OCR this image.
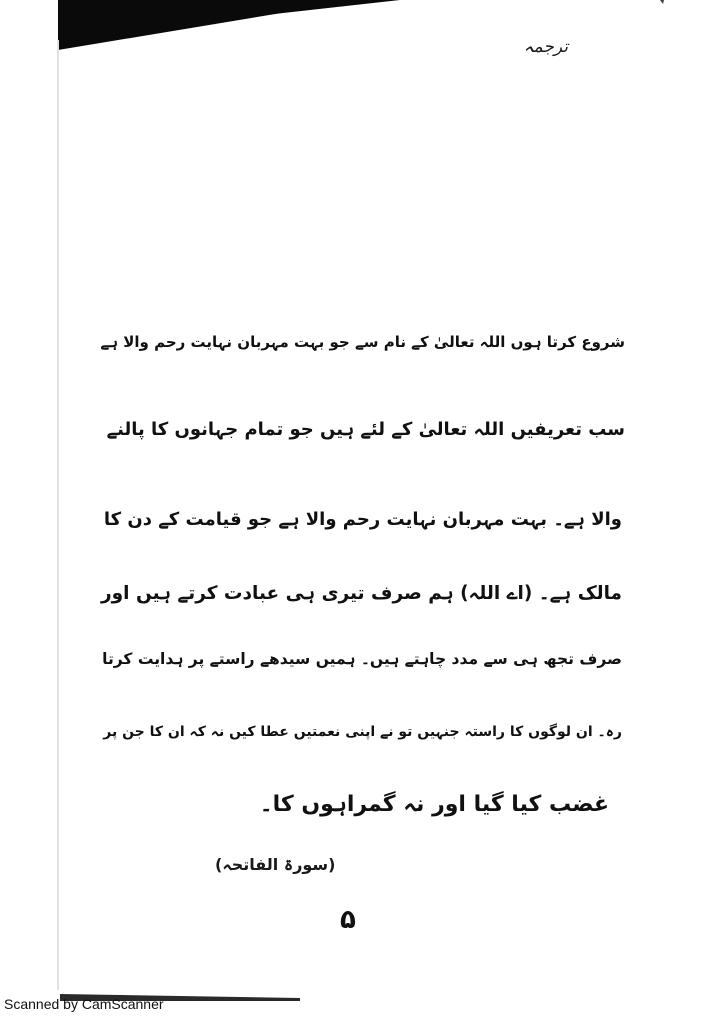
ترجمہ
شروع کرتا ہوں اللہ تعالیٰ کے نام سے جو بہت مہربان نہایت رحم والا ہے
سب تعریفیں اللہ تعالیٰ کے لئے ہیں جو تمام جہانوں کا پالنے
والا ہے۔ بہت مہربان نہایت رحم والا ہے جو قیامت کے دن کا
مالک ہے۔ (اے اللہ) ہم صرف تیری ہی عبادت کرتے ہیں اور
صرف تجھ ہی سے مدد چاہتے ہیں۔ ہمیں سیدھے راستے پر ہدایت کرتا
رہ۔ ان لوگوں کا راستہ جنہیں تو نے اپنی نعمتیں عطا کیں نہ کہ ان کا جن پر
غضب کیا گیا اور نہ گمراہوں کا۔
(سورۃ الفاتحہ)
۵
Scanned by CamScanner
